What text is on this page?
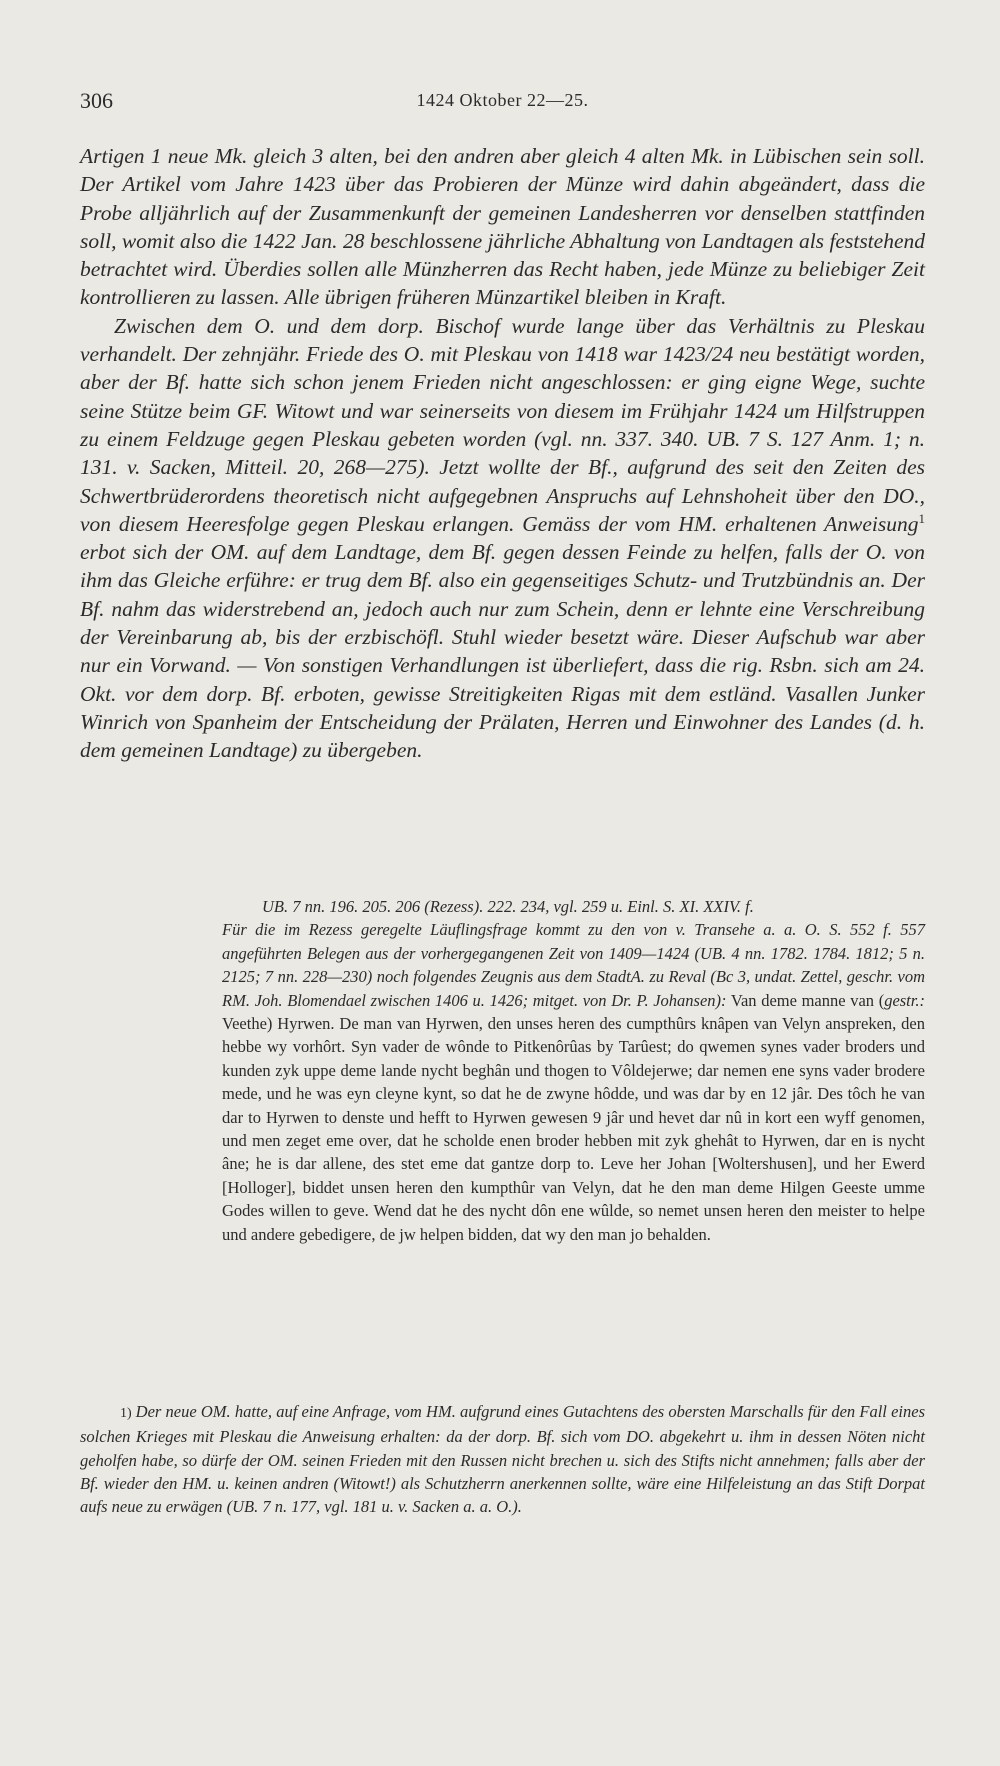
306	1424 Oktober 22—25.

Artigen 1 neue Mk. gleich 3 alten, bei den andren aber gleich 4 alten Mk. in Lübischen sein soll. Der Artikel vom Jahre 1423 über das Probieren der Münze wird dahin abgeändert, dass die Probe alljährlich auf der Zusammenkunft der gemeinen Landesherren vor denselben stattfinden soll, womit also die 1422 Jan. 28 beschlossene jährliche Abhaltung von Landtagen als feststehend betrachtet wird. Überdies sollen alle Münzherren das Recht haben, jede Münze zu beliebiger Zeit kontrollieren zu lassen. Alle übrigen früheren Münzartikel bleiben in Kraft.

Zwischen dem O. und dem dorp. Bischof wurde lange über das Verhältnis zu Pleskau verhandelt. Der zehnjähr. Friede des O. mit Pleskau von 1418 war 1423/24 neu bestätigt worden, aber der Bf. hatte sich schon jenem Frieden nicht angeschlossen: er ging eigne Wege, suchte seine Stütze beim GF. Witowt und war seinerseits von diesem im Frühjahr 1424 um Hilfstruppen zu einem Feldzuge gegen Pleskau gebeten worden (vgl. nn. 337. 340. UB. 7 S. 127 Anm. 1; n. 131. v. Sacken, Mitteil. 20, 268—275). Jetzt wollte der Bf., aufgrund des seit den Zeiten des Schwertbrüderordens theoretisch nicht aufgegebnen Anspruchs auf Lehnshoheit über den DO., von diesem Heeresfolge gegen Pleskau erlangen. Gemäss der vom HM. erhaltenen Anweisung$^1$ erbot sich der OM. auf dem Landtage, dem Bf. gegen dessen Feinde zu helfen, falls der O. von ihm das Gleiche erführe: er trug dem Bf. also ein gegenseitiges Schutz- und Trutzbündnis an. Der Bf. nahm das widerstrebend an, jedoch auch nur zum Schein, denn er lehnte eine Verschreibung der Vereinbarung ab, bis der erzbischöfl. Stuhl wieder besetzt wäre. Dieser Aufschub war aber nur ein Vorwand. — Von sonstigen Verhandlungen ist überliefert, dass die rig. Rsbn. sich am 24. Okt. vor dem dorp. Bf. erboten, gewisse Streitigkeiten Rigas mit dem estländ. Vasallen Junker Winrich von Spanheim der Entscheidung der Prälaten, Herren und Einwohner des Landes (d. h. dem gemeinen Landtage) zu übergeben.

UB. 7 nn. 196. 205. 206 (Rezess). 222. 234, vgl. 259 u. Einl. S. XI. XXIV. f.

Für die im Rezess geregelte Läuflingsfrage kommt zu den von v. Transehe a. a. O. S. 552 f. 557 angeführten Belegen aus der vorhergegangenen Zeit von 1409—1424 (UB. 4 nn. 1782. 1784. 1812; 5 n. 2125; 7 nn. 228—230) noch folgendes Zeugnis aus dem StadtA. zu Reval (Bc 3, undat. Zettel, geschr. vom RM. Joh. Blomendael zwischen 1406 u. 1426; mitget. von Dr. P. Johansen): Van deme manne van (gestr.: Veethe) Hyrwen. De man van Hyrwen, den unses heren des cumpthûrs knâpen van Velyn ansprеken, den hebbe wy vorhôrt. Syn vader de wônde to Pitkenôrûas by Tarûest; do qwemen synes vader broders und kunden zyk uppe deme lande nycht beghân und thogen to Vôldejerwe; dar nemen ene syns vader brodere mede, und he was eyn cleyne kynt, so dat he de zwyne hôdde, und was dar by en 12 jâr. Des tôch he van dar to Hyrwen to denste und hefft to Hyrwen gewesen 9 jâr und hevet dar nû in kort een wyff genomen, und men zeget eme over, dat he scholde enen broder hebben mit zyk ghehât to Hyrwen, dar en is nycht âne; he is dar allene, des stet eme dat gantze dorp to. Leve her Johan [Woltershusen], und her Ewerd [Holloger], biddet unsen heren den kumpthûr van Velyn, dat he den man deme Hilgen Geeste umme Godes willen to geve. Wend dat he des nycht dôn ene wûlde, so nemet unsen heren den meister to helpe und andere gebedigere, de jw helpen bidden, dat wy den man jo behalden.

1) Der neue OM. hatte, auf eine Anfrage, vom HM. aufgrund eines Gutachtens des obersten Marschalls für den Fall eines solchen Krieges mit Pleskau die Anweisung erhalten: da der dorp. Bf. sich vom DO. abgekehrt u. ihm in dessen Nöten nicht geholfen habe, so dürfe der OM. seinen Frieden mit den Russen nicht brechen u. sich des Stifts nicht annehmen; falls aber der Bf. wieder den HM. u. keinen andren (Witowt!) als Schutzherrn anerkennen sollte, wäre eine Hilfeleistung an das Stift Dorpat aufs neue zu erwägen (UB. 7 n. 177, vgl. 181 u. v. Sacken a. a. O.).
